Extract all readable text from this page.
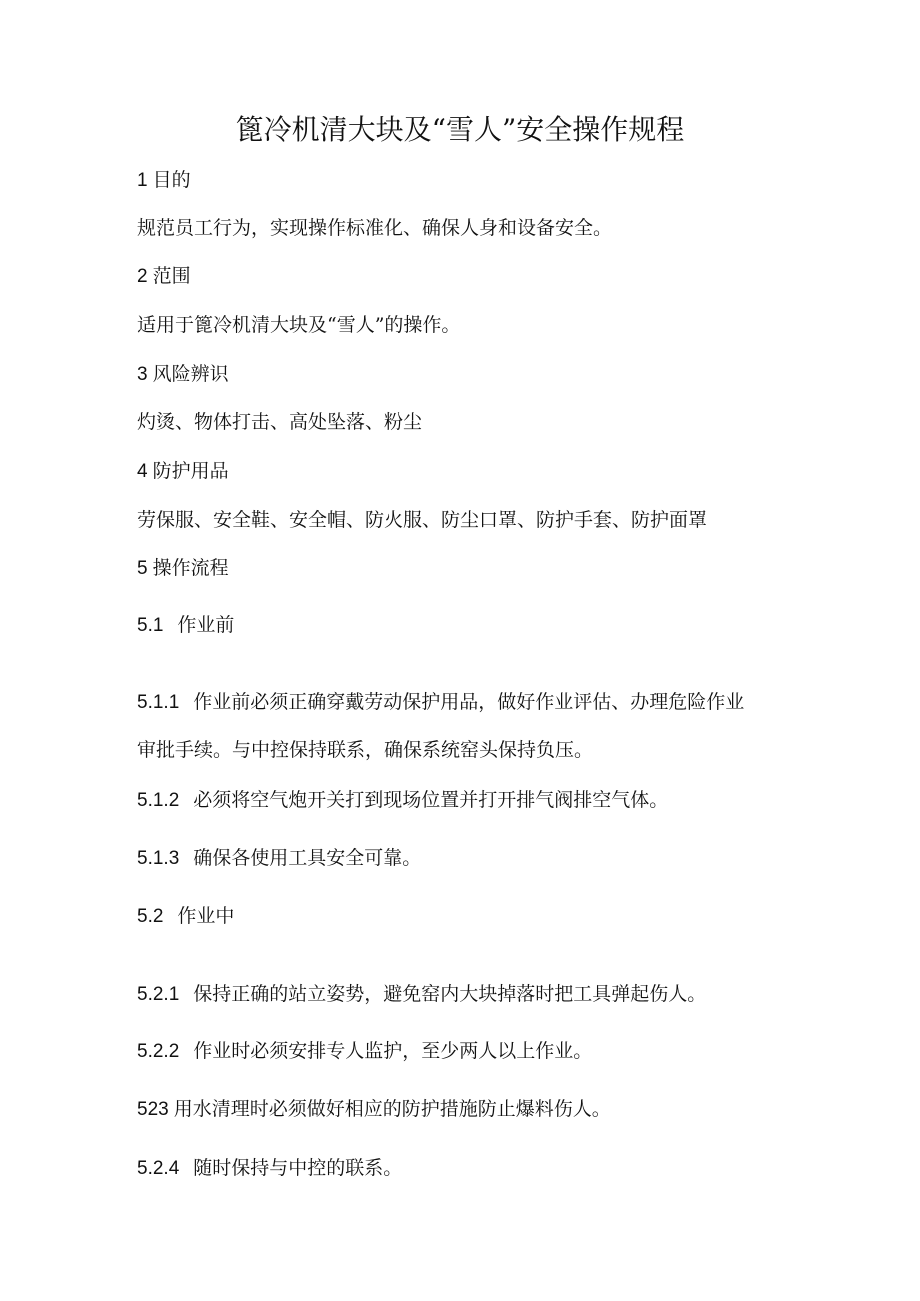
篦冷机清大块及“雪人”安全操作规程
1 目的
规范员工行为，实现操作标准化、确保人身和设备安全。
2 范围
适用于篦冷机清大块及“雪人”的操作。
3 风险辨识
灼烫、物体打击、高处坠落、粉尘
4 防护用品
劳保服、安全鞋、安全帽、防火服、防尘口罩、防护手套、防护面罩
5 操作流程
5.1 作业前
5.1.1 作业前必须正确穿戴劳动保护用品，做好作业评估、办理危险作业
审批手续。与中控保持联系，确保系统窑头保持负压。
5.1.2 必须将空气炮开关打到现场位置并打开排气阀排空气体。
5.1.3 确保各使用工具安全可靠。
5.2 作业中
5.2.1 保持正确的站立姿势，避免窑内大块掉落时把工具弹起伤人。
5.2.2 作业时必须安排专人监护，至少两人以上作业。
523 用水清理时必须做好相应的防护措施防止爆料伤人。
5.2.4 随时保持与中控的联系。
